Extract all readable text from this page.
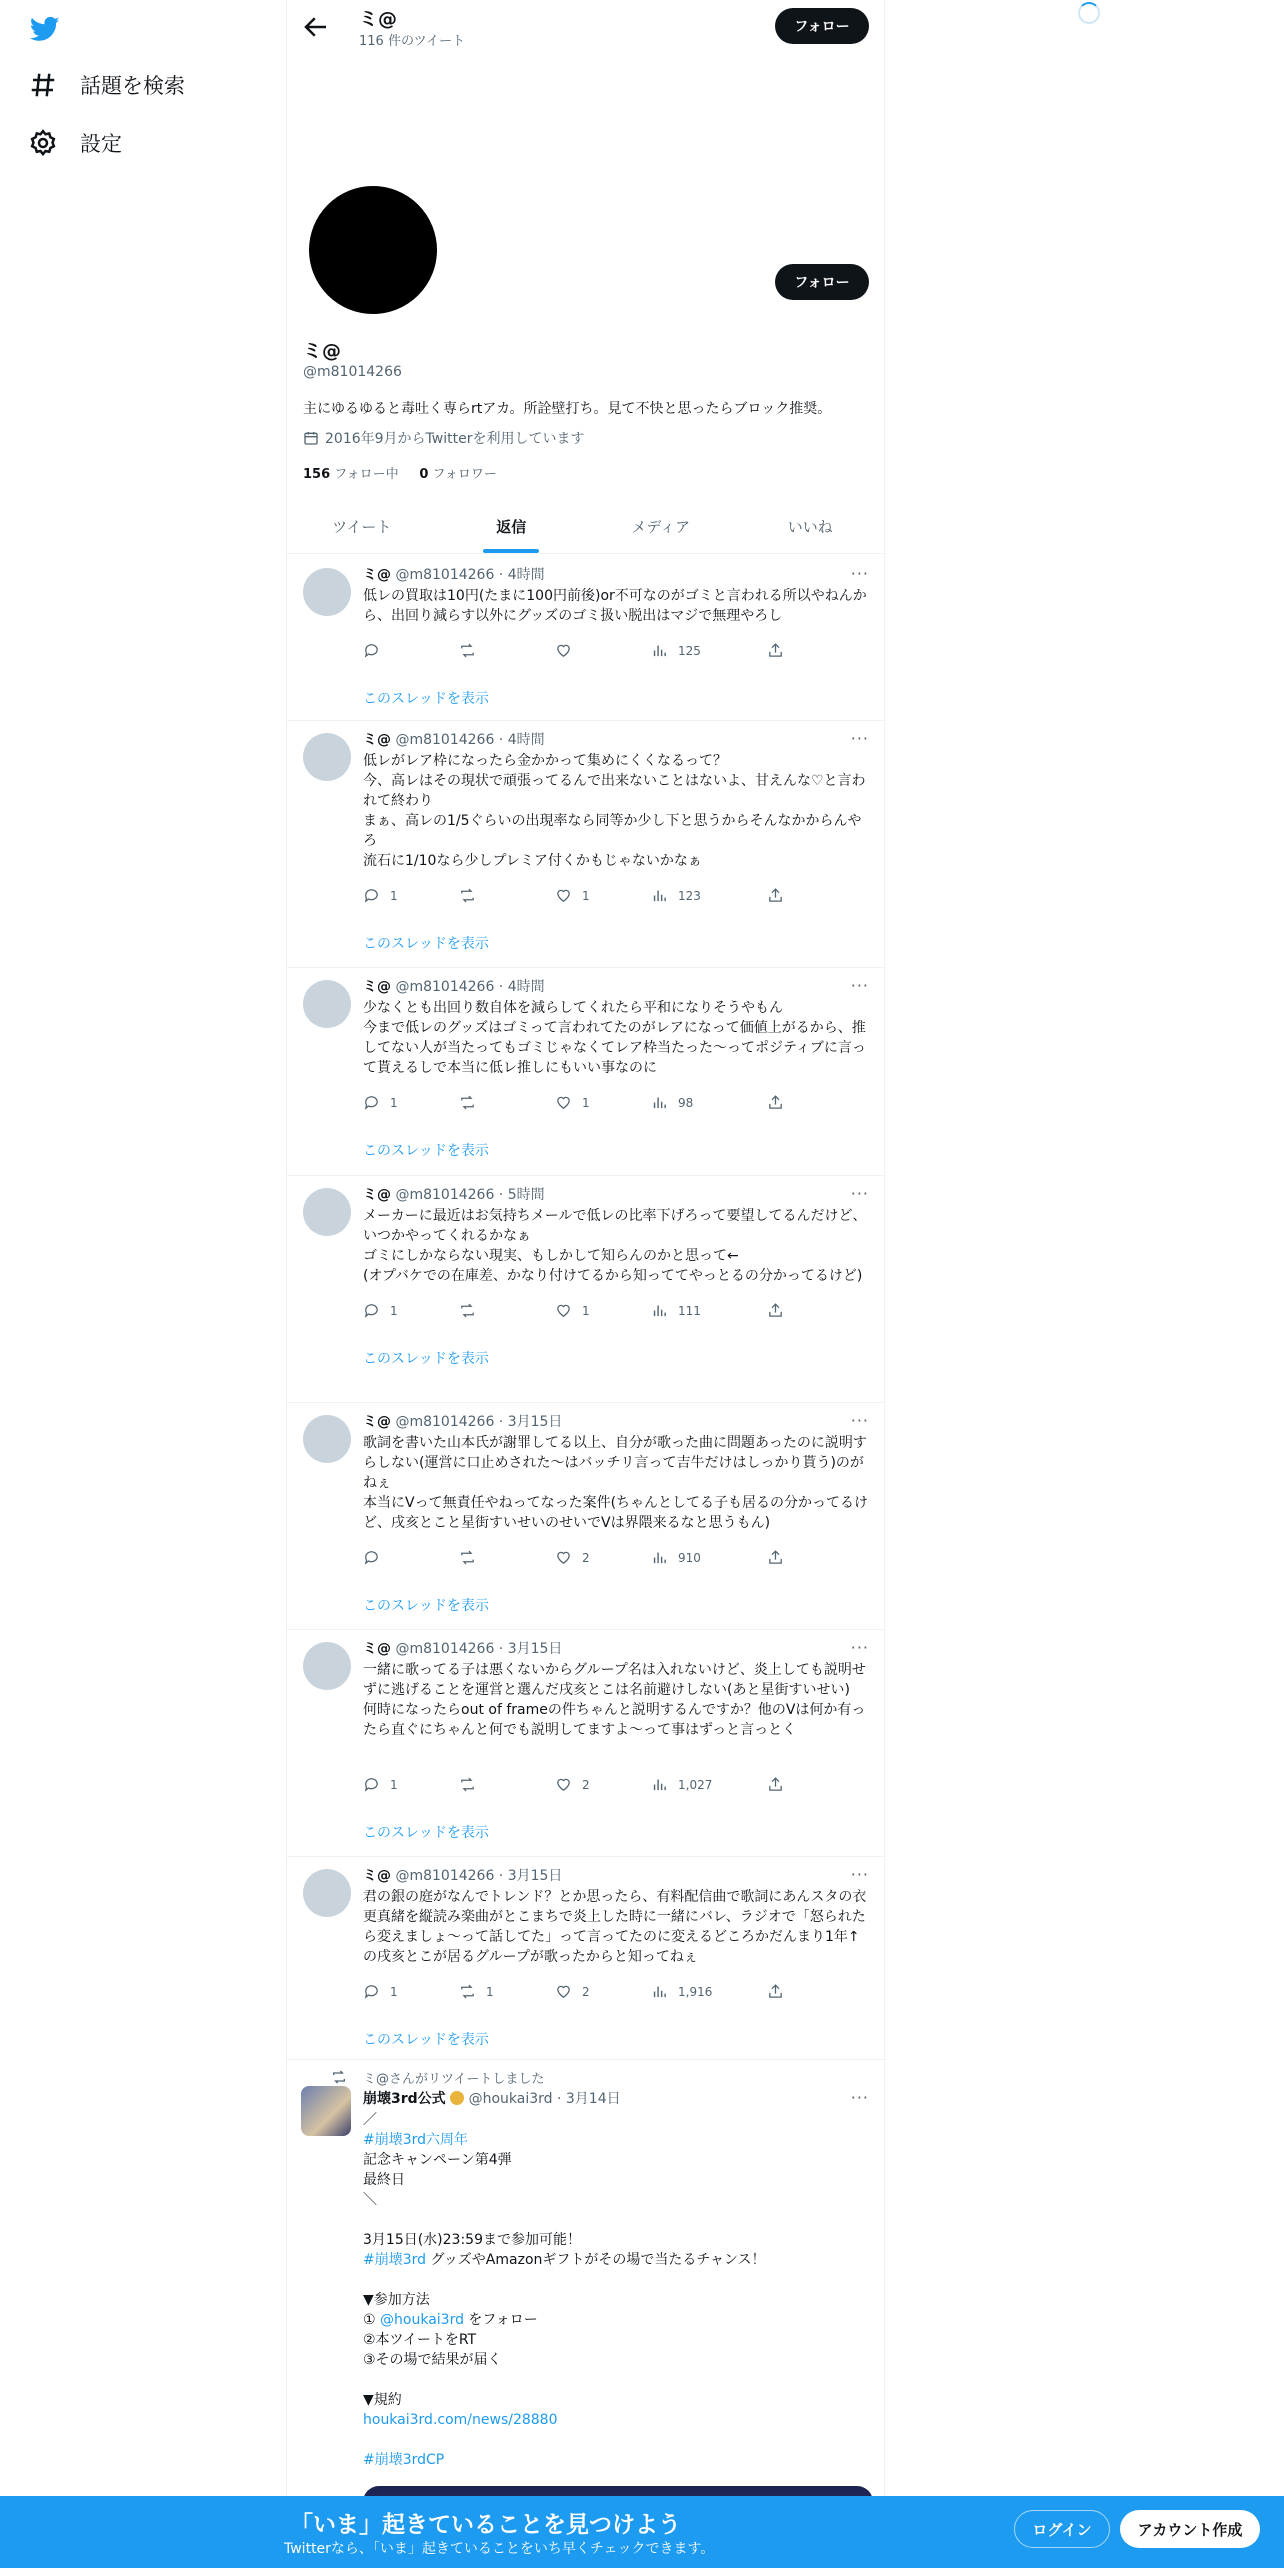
話題を検索
設定
ミ@
116 件のツイート
フォロー
フォロー
ミ@
@m81014266
主にゆるゆると毒吐く専らrtアカ。所詮壁打ち。見て不快と思ったらブロック推奨。
2016年9月からTwitterを利用しています
156 フォロー中 0 フォロワー
ツイート	返信	メディア	いいね
ミ@ @m81014266 · 4時間	···
低レの買取は10円(たまに100円前後)or不可なのがゴミと言われる所以やねんから、出回り減らす以外にグッズのゴミ扱い脱出はマジで無理やろし
125
このスレッドを表示
ミ@ @m81014266 · 4時間	···
低レがレア枠になったら金かかって集めにくくなるって？
今、高レはその現状で頑張ってるんで出来ないことはないよ、甘えんな♡と言われて終わり
まぁ、高レの1/5ぐらいの出現率なら同等か少し下と思うからそんなかからんやろ
流石に1/10なら少しプレミア付くかもじゃないかなぁ
1	1	123
このスレッドを表示
ミ@ @m81014266 · 4時間	···
少なくとも出回り数自体を減らしてくれたら平和になりそうやもん
今まで低レのグッズはゴミって言われてたのがレアになって価値上がるから、推してない人が当たってもゴミじゃなくてレア枠当たった〜ってポジティブに言って貰えるしで本当に低レ推しにもいい事なのに
1	1	98
このスレッドを表示
ミ@ @m81014266 · 5時間	···
メーカーに最近はお気持ちメールで低レの比率下げろって要望してるんだけど、いつかやってくれるかなぁ
ゴミにしかならない現実、もしかして知らんのかと思って←
(オプバケでの在庫差、かなり付けてるから知っててやっとるの分かってるけど)
1	1	111
このスレッドを表示
ミ@ @m81014266 · 3月15日	···
歌詞を書いた山本氏が謝罪してる以上、自分が歌った曲に問題あったのに説明すらしない(運営に口止めされた〜はバッチリ言って吉牛だけはしっかり貰う)のがねぇ
本当にVって無責任やねってなった案件(ちゃんとしてる子も居るの分かってるけど、戌亥とこと星街すいせいのせいでVは界隈来るなと思うもん)
2	910
このスレッドを表示
ミ@ @m81014266 · 3月15日	···
一緒に歌ってる子は悪くないからグループ名は入れないけど、炎上しても説明せずに逃げることを運営と選んだ戌亥とこは名前避けしない(あと星街すいせい)
何時になったらout of frameの件ちゃんと説明するんですか？他のVは何か有ったら直ぐにちゃんと何でも説明してますよ〜って事はずっと言っとく
1	2	1,027
このスレッドを表示
ミ@ @m81014266 · 3月15日	···
君の銀の庭がなんでトレンド？とか思ったら、有料配信曲で歌詞にあんスタの衣更真緒を縦読み楽曲がとこまちで炎上した時に一緒にバレ、ラジオで「怒られたら変えましょ〜って話してた」って言ってたのに変えるどころかだんまり1年↑の戌亥とこが居るグループが歌ったからと知ってねぇ
1	1	2	1,916
このスレッドを表示
ミ@さんがリツイートしました
崩壊3rd公式 @houkai3rd · 3月14日	···
／
#崩壊3rd六周年
記念キャンペーン第4弾
最終日
＼
3月15日(水)23:59まで参加可能！
#崩壊3rd グッズやAmazonギフトがその場で当たるチャンス！
▼参加方法
① @houkai3rd をフォロー
②本ツイートをRT
③その場で結果が届く
▼規約
houkai3rd.com/news/28880
#崩壊3rdCP
「いま」起きていることを見つけよう
Twitterなら、「いま」起きていることをいち早くチェックできます。
ログイン	アカウント作成
